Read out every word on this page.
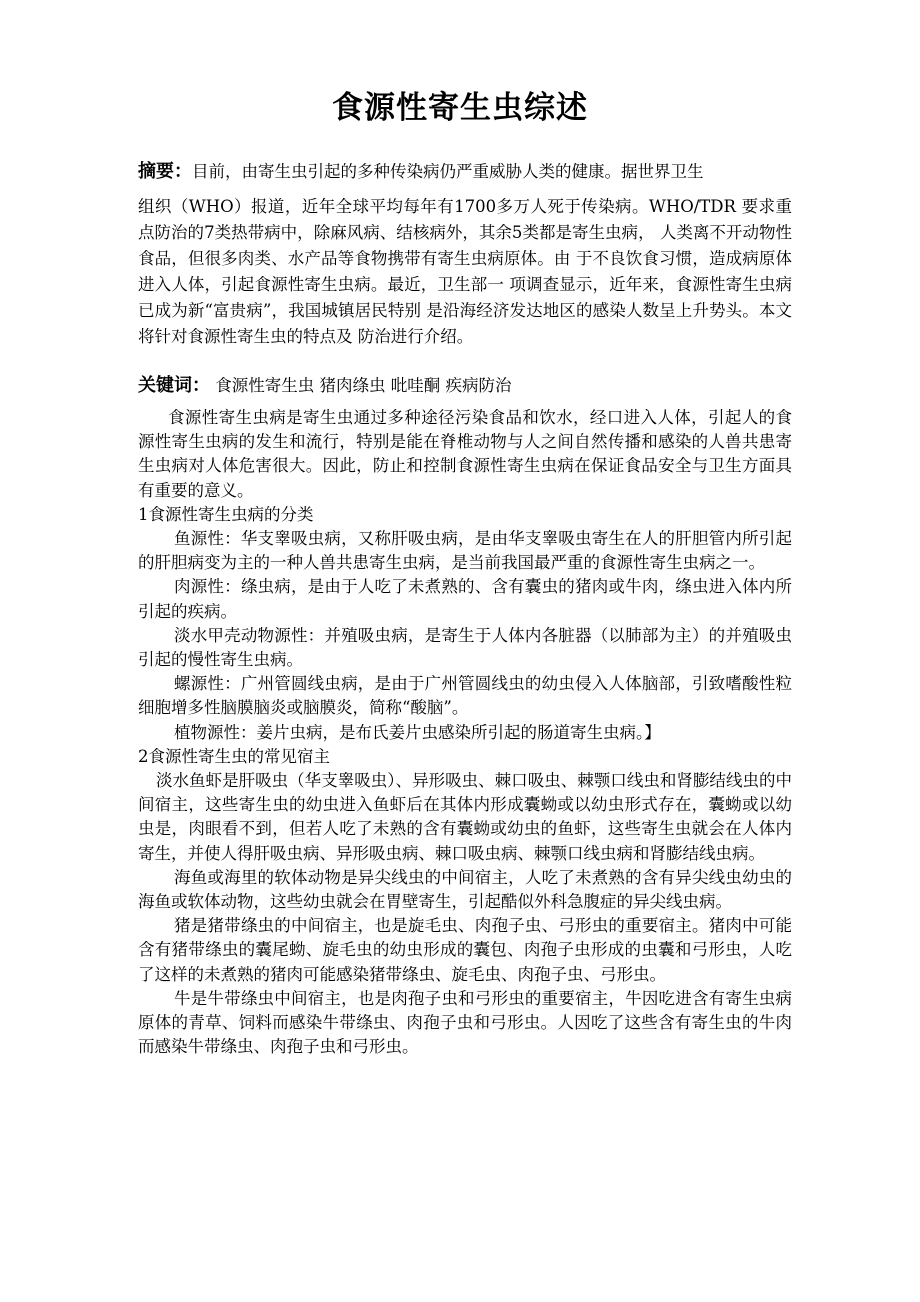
食源性寄生虫综述
摘要：目前，由寄生虫引起的多种传染病仍严重威胁人类的健康。据世界卫生
组织（WHO）报道，近年全球平均每年有1700多万人死于传染病。WHO/TDR 要求重点防治的7类热带病中，除麻风病、结核病外，其余5类都是寄生虫病， 人类离不开动物性食品，但很多肉类、水产品等食物携带有寄生虫病原体。由 于不良饮食习惯，造成病原体进入人体，引起食源性寄生虫病。最近，卫生部一 项调查显示，近年来，食源性寄生虫病已成为新“富贵病”，我国城镇居民特别 是沿海经济发达地区的感染人数呈上升势头。本文将针对食源性寄生虫的特点及 防治进行介绍。
关键词： 食源性寄生虫 猪肉绦虫 吡哇酮 疾病防治

食源性寄生虫病是寄生虫通过多种途径污染食品和饮水，经口进入人体，引起人的食源性寄生虫病的发生和流行，特别是能在脊椎动物与人之间自然传播和感染的人兽共患寄生虫病对人体危害很大。因此，防止和控制食源性寄生虫病在保证食品安全与卫生方面具有重要的意义。

1食源性寄生虫病的分类

鱼源性：华支睾吸虫病，又称肝吸虫病，是由华支睾吸虫寄生在人的肝胆管内所引起的肝胆病变为主的一种人兽共患寄生虫病，是当前我国最严重的食源性寄生虫病之一。

肉源性：绦虫病，是由于人吃了未煮熟的、含有囊虫的猪肉或牛肉，绦虫进入体内所引起的疾病。

淡水甲壳动物源性：并殖吸虫病，是寄生于人体内各脏器（以肺部为主）的并殖吸虫引起的慢性寄生虫病。

螺源性：广州管圆线虫病，是由于广州管圆线虫的幼虫侵入人体脑部，引致嗜酸性粒细胞增多性脑膜脑炎或脑膜炎，简称“酸脑”。

植物源性：姜片虫病，是布氏姜片虫感染所引起的肠道寄生虫病。】

2食源性寄生虫的常见宿主

淡水鱼虾是肝吸虫（华支睾吸虫）、异形吸虫、棘口吸虫、棘颚口线虫和肾膨结线虫的中间宿主，这些寄生虫的幼虫进入鱼虾后在其体内形成囊蚴或以幼虫形式存在，囊蚴或以幼虫是，肉眼看不到，但若人吃了未熟的含有囊蚴或幼虫的鱼虾，这些寄生虫就会在人体内寄生，并使人得肝吸虫病、异形吸虫病、棘口吸虫病、棘颚口线虫病和肾膨结线虫病。

海鱼或海里的软体动物是异尖线虫的中间宿主，人吃了未煮熟的含有异尖线虫幼虫的海鱼或软体动物，这些幼虫就会在胃壁寄生，引起酷似外科急腹症的异尖线虫病。

猪是猪带绦虫的中间宿主，也是旋毛虫、肉孢子虫、弓形虫的重要宿主。猪肉中可能含有猪带绦虫的囊尾蚴、旋毛虫的幼虫形成的囊包、肉孢子虫形成的虫囊和弓形虫，人吃了这样的未煮熟的猪肉可能感染猪带绦虫、旋毛虫、肉孢子虫、弓形虫。

牛是牛带绦虫中间宿主，也是肉孢子虫和弓形虫的重要宿主，牛因吃进含有寄生虫病原体的青草、饲料而感染牛带绦虫、肉孢子虫和弓形虫。人因吃了这些含有寄生虫的牛肉而感染牛带绦虫、肉孢子虫和弓形虫。
